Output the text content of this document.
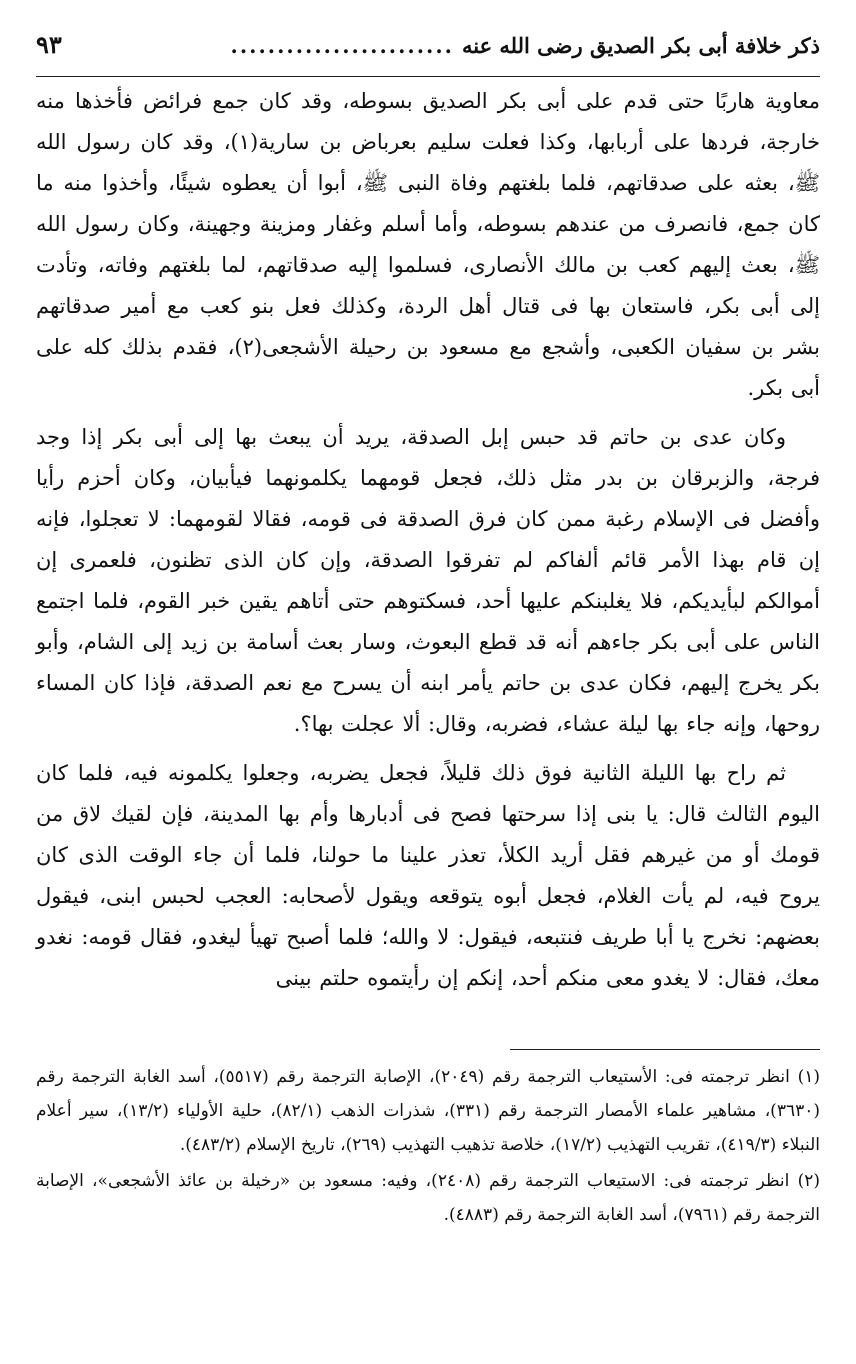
ذكر خلافة أبى بكر الصديق رضى الله عنه
........................
٩٣

معاوية هاربًا حتى قدم على أبى بكر الصديق بسوطه، وقد كان جمع فرائض فأخذها منه خارجة، فردها على أربابها، وكذا فعلت سليم بعرباض بن سارية(١)، وقد كان رسول الله ﷺ، بعثه على صدقاتهم، فلما بلغتهم وفاة النبى ﷺ، أبوا أن يعطوه شيئًا، وأخذوا منه ما كان جمع، فانصرف من عندهم بسوطه، وأما أسلم وغفار ومزينة وجهينة، وكان رسول الله ﷺ، بعث إليهم كعب بن مالك الأنصارى، فسلموا إليه صدقاتهم، لما بلغتهم وفاته، وتأدت إلى أبى بكر، فاستعان بها فى قتال أهل الردة، وكذلك فعل بنو كعب مع أمير صدقاتهم بشر بن سفيان الكعبى، وأشجع مع مسعود بن رحيلة الأشجعى(٢)، فقدم بذلك كله على أبى بكر.

وكان عدى بن حاتم قد حبس إبل الصدقة، يريد أن يبعث بها إلى أبى بكر إذا وجد فرجة، والزبرقان بن بدر مثل ذلك، فجعل قومهما يكلمونهما فيأبيان، وكان أحزم رأيا وأفضل فى الإسلام رغبة ممن كان فرق الصدقة فى قومه، فقالا لقومهما: لا تعجلوا، فإنه إن قام بهذا الأمر قائم ألفاكم لم تفرقوا الصدقة، وإن كان الذى تظنون، فلعمرى إن أموالكم لبأيديكم، فلا يغلبنكم عليها أحد، فسكتوهم حتى أتاهم يقين خبر القوم، فلما اجتمع الناس على أبى بكر جاءهم أنه قد قطع البعوث، وسار بعث أسامة بن زيد إلى الشام، وأبو بكر يخرج إليهم، فكان عدى بن حاتم يأمر ابنه أن يسرح مع نعم الصدقة، فإذا كان المساء روحها، وإنه جاء بها ليلة عشاء، فضربه، وقال: ألا عجلت بها؟.

ثم راح بها الليلة الثانية فوق ذلك قليلاً، فجعل يضربه، وجعلوا يكلمونه فيه، فلما كان اليوم الثالث قال: يا بنى إذا سرحتها فصح فى أدبارها وأم بها المدينة، فإن لقيك لاق من قومك أو من غيرهم فقل أريد الكلأ، تعذر علينا ما حولنا، فلما أن جاء الوقت الذى كان يروح فيه، لم يأت الغلام، فجعل أبوه يتوقعه ويقول لأصحابه: العجب لحبس ابنى، فيقول بعضهم: نخرج يا أبا طريف فنتبعه، فيقول: لا والله؛ فلما أصبح تهيأ ليغدو، فقال قومه: نغدو معك، فقال: لا يغدو معى منكم أحد، إنكم إن رأيتموه حلتم بينى

(١) انظر ترجمته فى: الأستيعاب الترجمة رقم (٢٠٤٩)، الإصابة الترجمة رقم (٥٥١٧)، أسد الغابة الترجمة رقم (٣٦٣٠)، مشاهير علماء الأمصار الترجمة رقم (٣٣١)، شذرات الذهب (٨٢/١)، حلية الأولياء (١٣/٢)، سير أعلام النبلاء (٤١٩/٣)، تقريب التهذيب (١٧/٢)، خلاصة تذهيب التهذيب (٢٦٩)، تاريخ الإسلام (٤٨٣/٢).

(٢) انظر ترجمته فى: الاستيعاب الترجمة رقم (٢٤٠٨)، وفيه: مسعود بن «رخيلة بن عائذ الأشجعى»، الإصابة الترجمة رقم (٧٩٦١)، أسد الغابة الترجمة رقم (٤٨٨٣).
